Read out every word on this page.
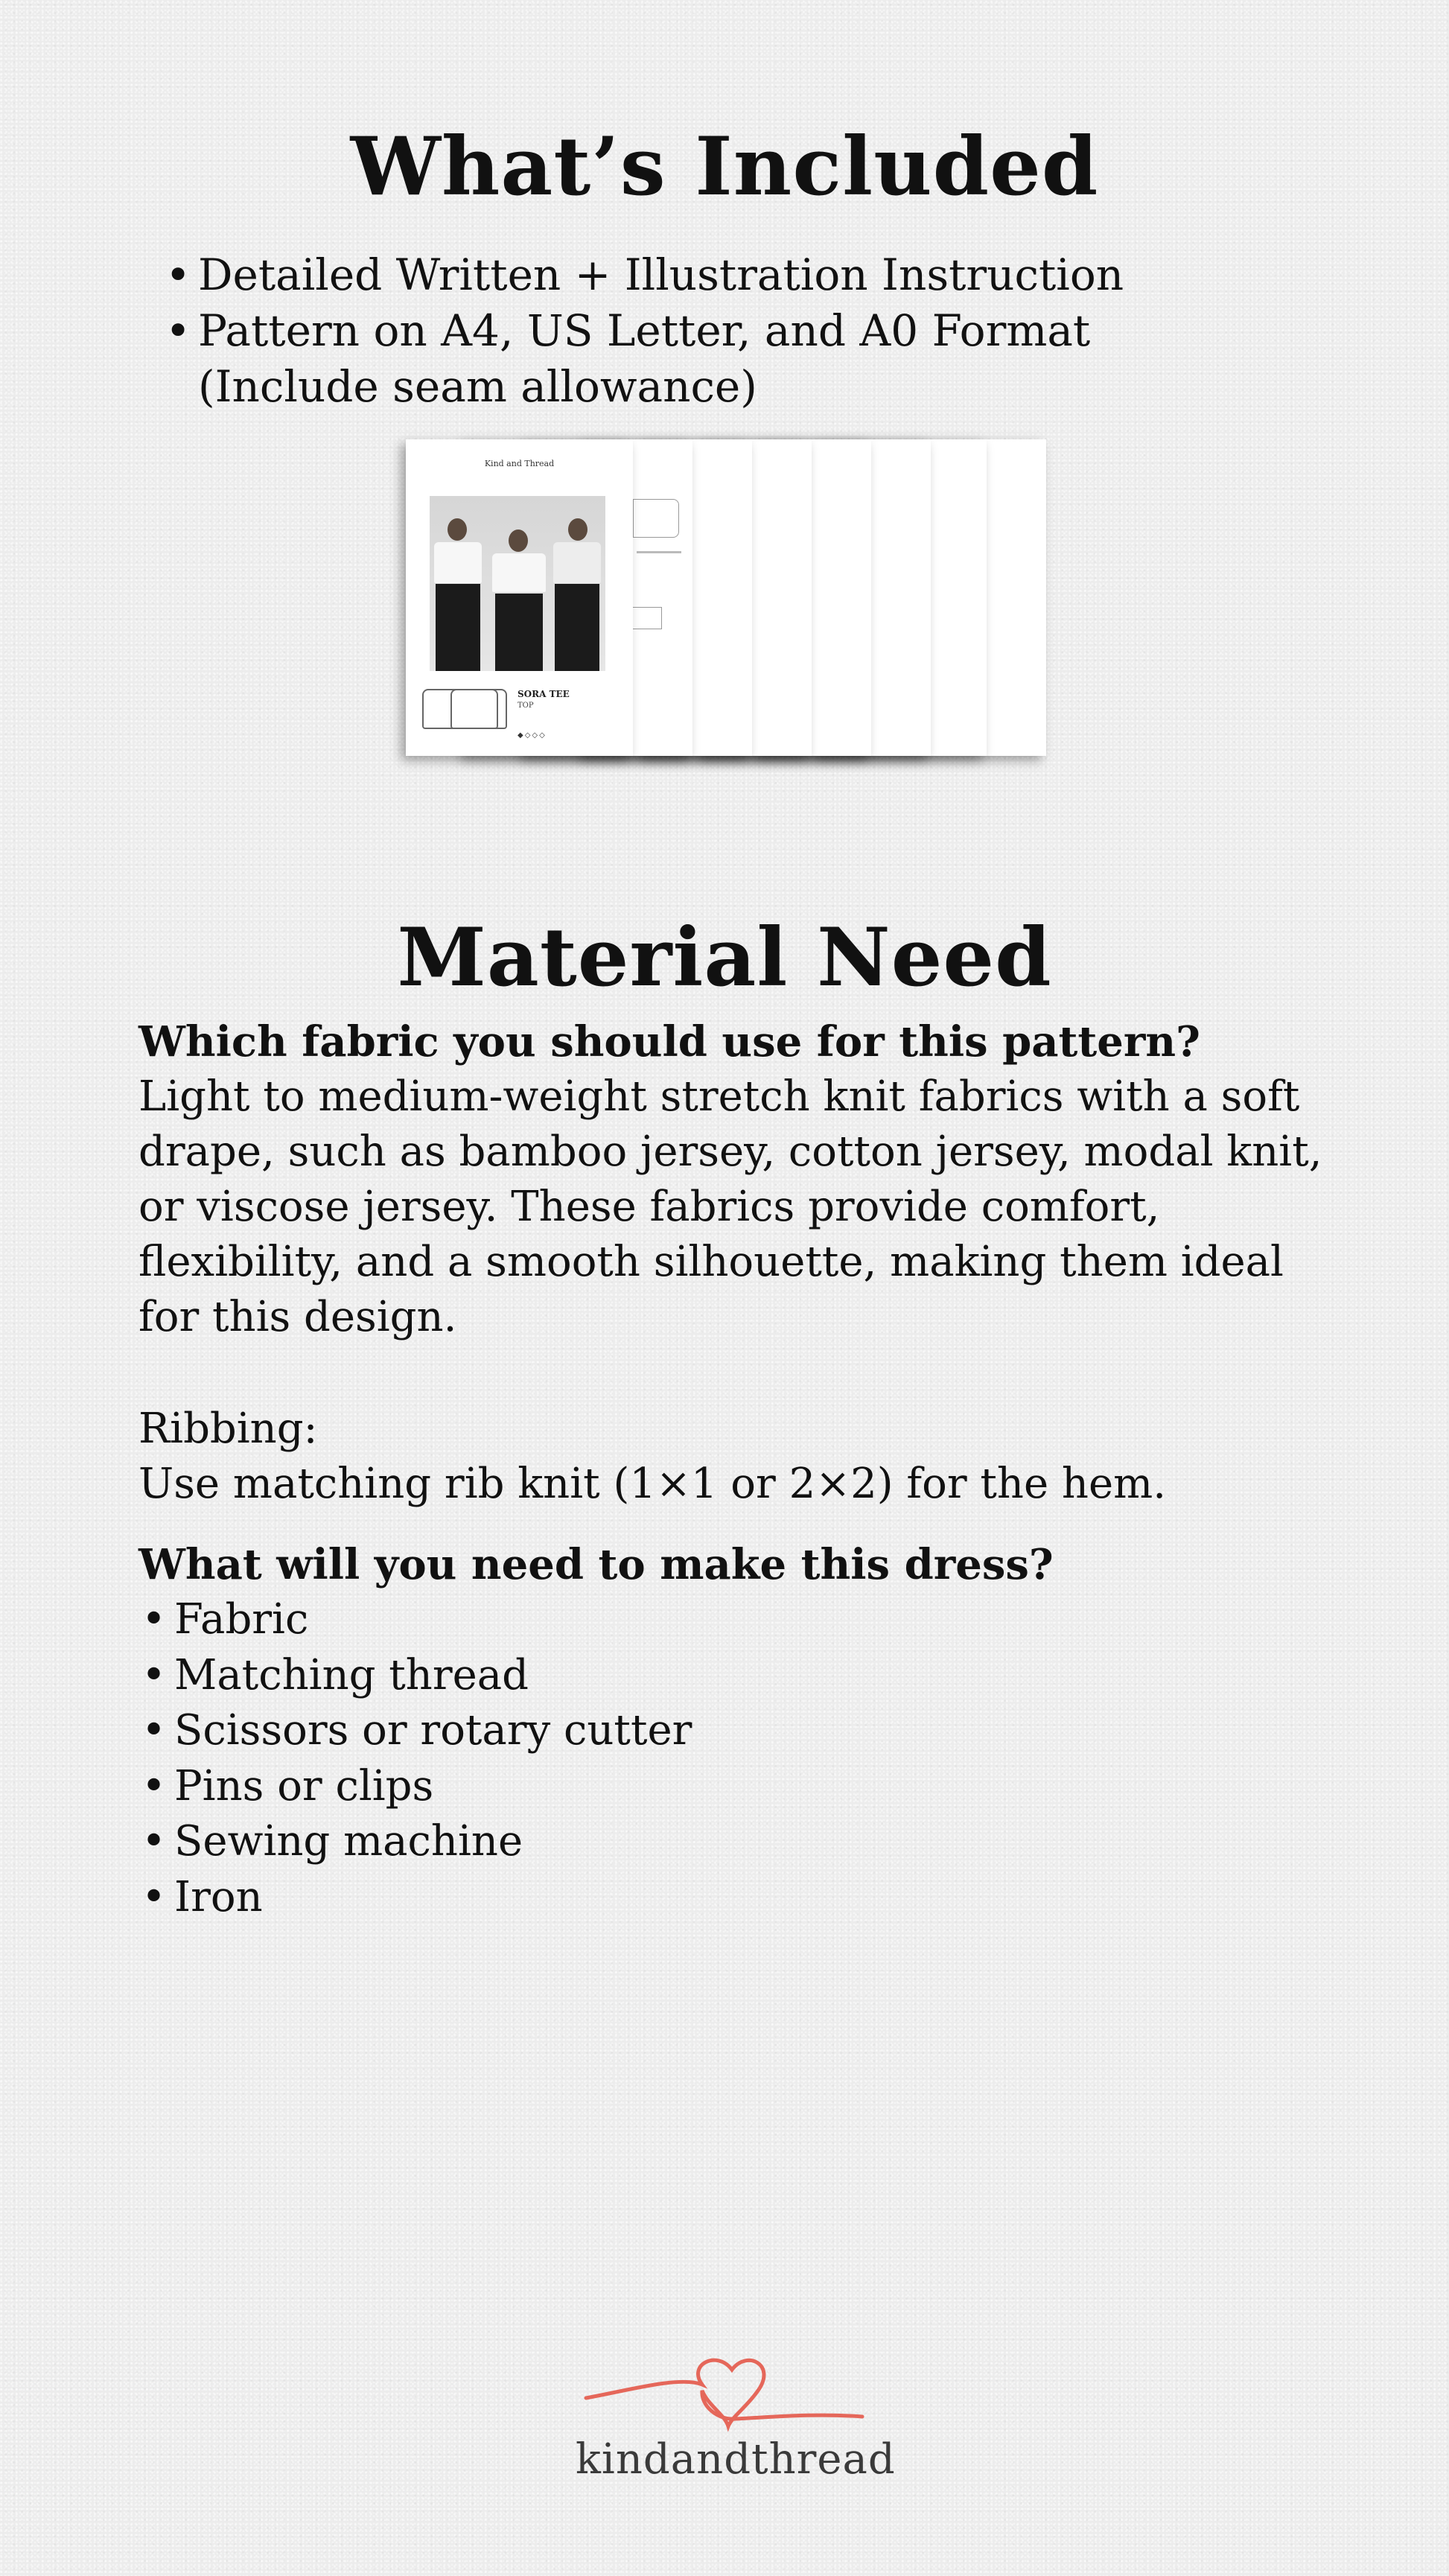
What’s Included
• Detailed Written + Illustration Instruction
• Pattern on A4, US Letter, and A0 Format (Include seam allowance)
Kind and Thread
SORA TEE
TOP
◆◇◇◇
Material Need
Which fabric you should use for this pattern?

Light to medium-weight stretch knit fabrics with a soft drape, such as bamboo jersey, cotton jersey, modal knit, or viscose jersey. These fabrics provide comfort, flexibility, and a smooth silhouette, making them ideal for this design.

Ribbing:

Use matching rib knit (1×1 or 2×2) for the hem.

What will you need to make this dress?
• Fabric
• Matching thread
• Scissors or rotary cutter
• Pins or clips
• Sewing machine
• Iron
kindandthread
